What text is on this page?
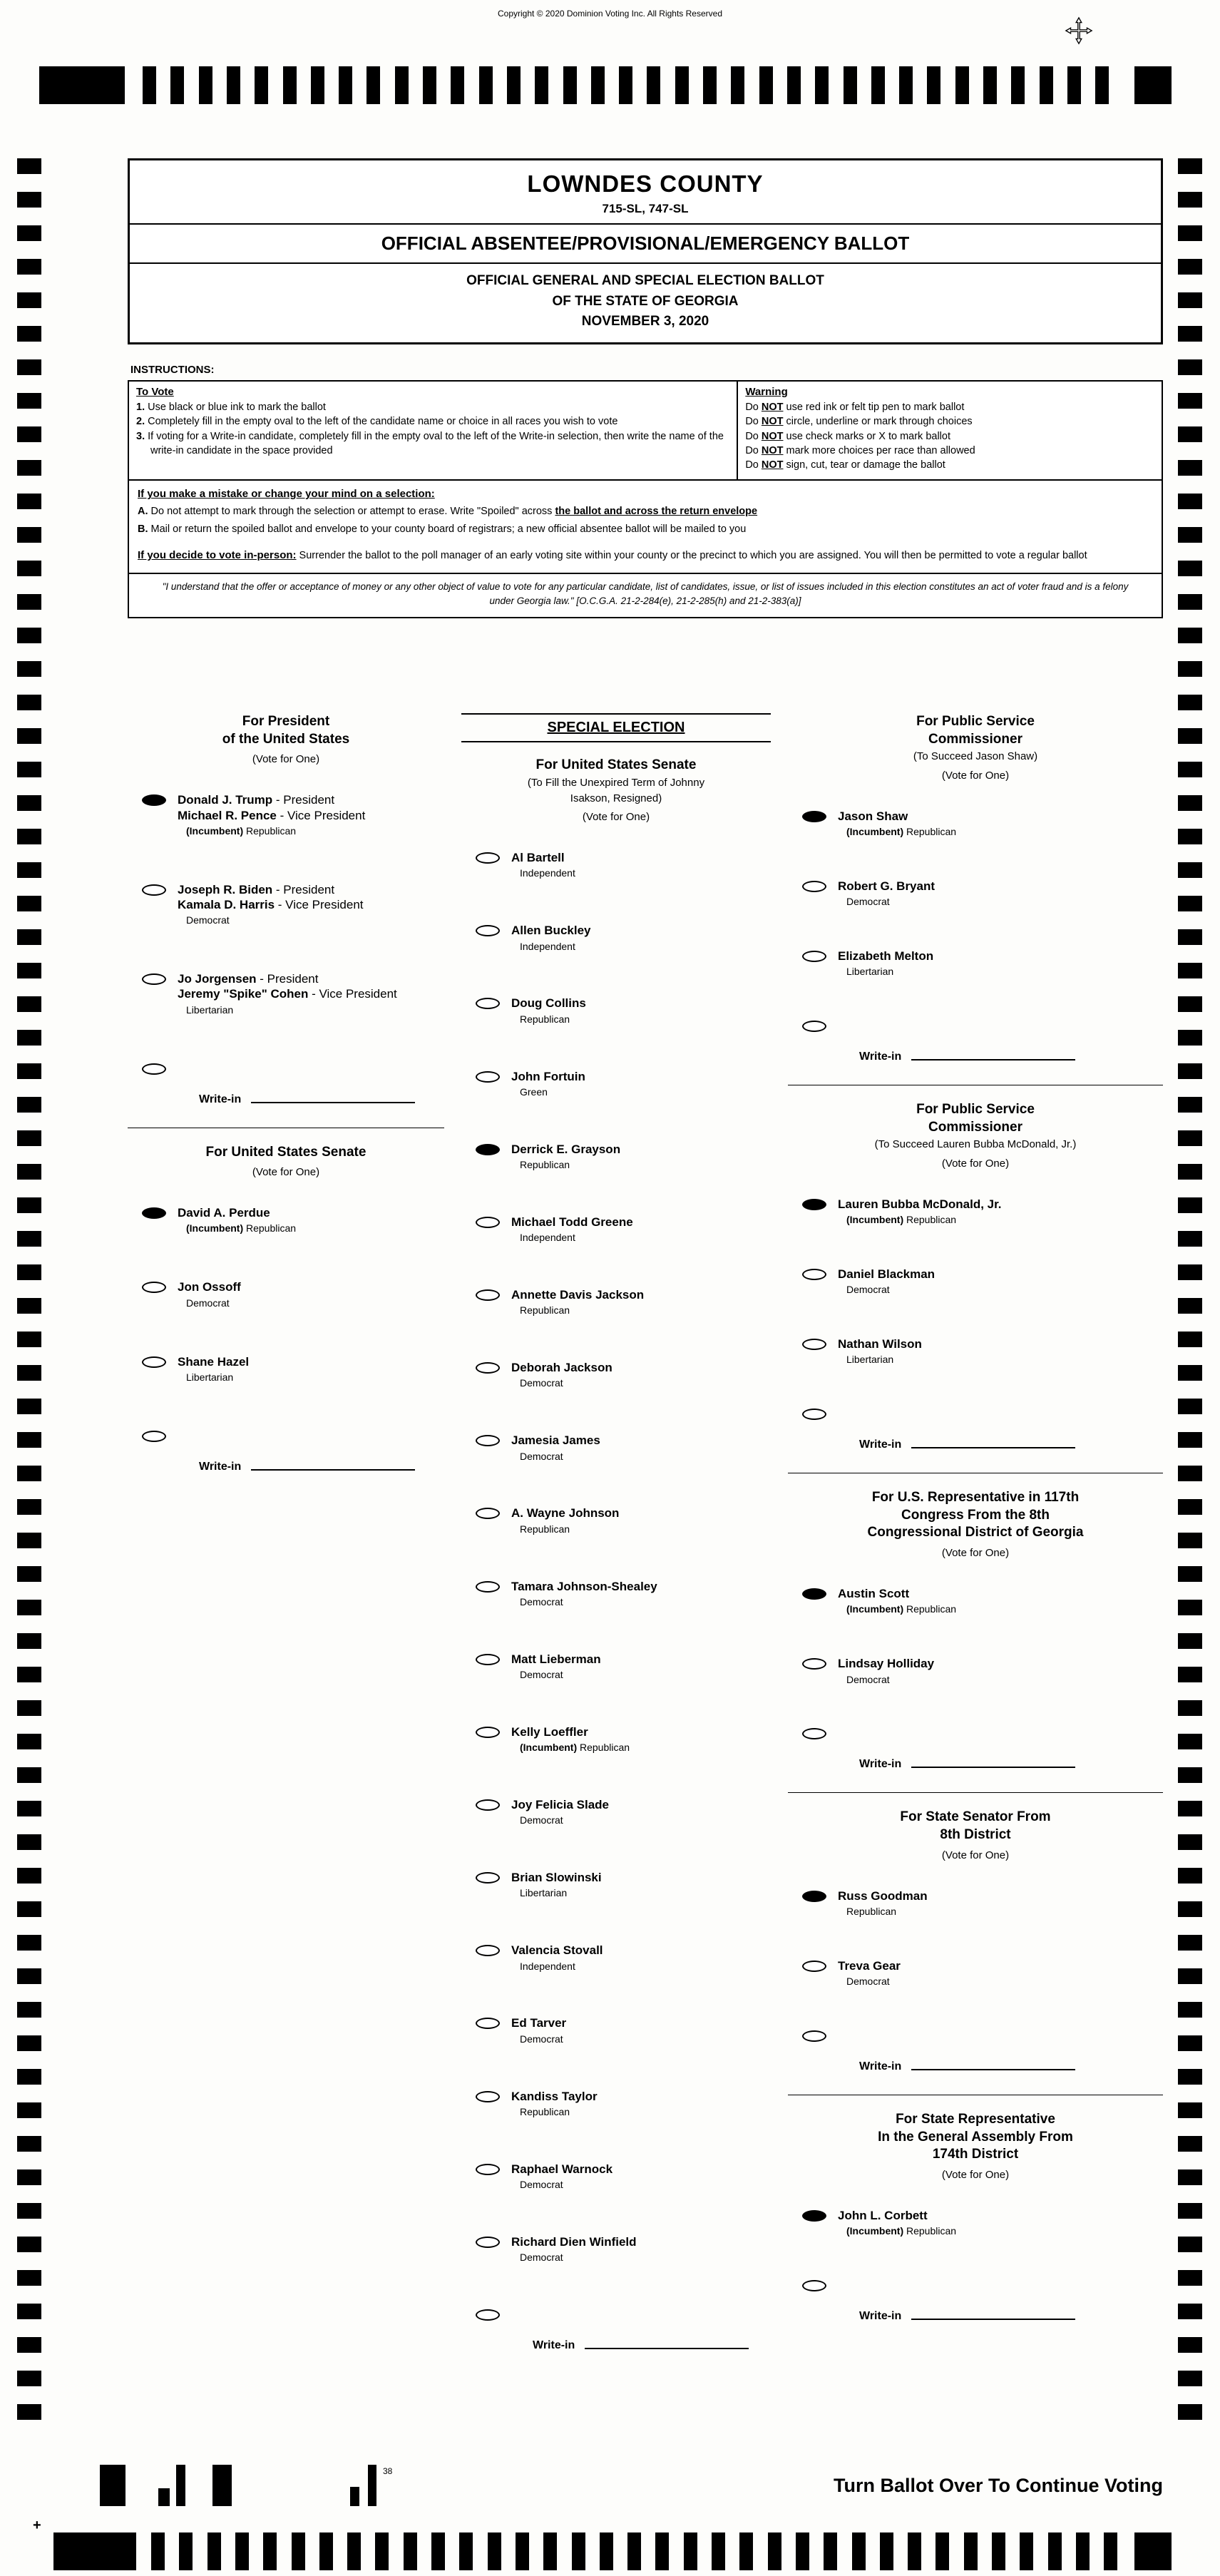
Copyright © 2020 Dominion Voting Inc. All Rights Reserved
LOWNDES COUNTY
715-SL, 747-SL
OFFICIAL ABSENTEE/PROVISIONAL/EMERGENCY BALLOT
OFFICIAL GENERAL AND SPECIAL ELECTION BALLOT
OF THE STATE OF GEORGIA
NOVEMBER 3, 2020
INSTRUCTIONS:
To Vote
1. Use black or blue ink to mark the ballot
2. Completely fill in the empty oval to the left of the candidate name or choice in all races you wish to vote
3. If voting for a Write-in candidate, completely fill in the empty oval to the left of the Write-in selection, then write the name of the write-in candidate in the space provided
Warning
Do NOT use red ink or felt tip pen to mark ballot
Do NOT circle, underline or mark through choices
Do NOT use check marks or X to mark ballot
Do NOT mark more choices per race than allowed
Do NOT sign, cut, tear or damage the ballot
If you make a mistake or change your mind on a selection:
A. Do not attempt to mark through the selection or attempt to erase. Write "Spoiled" across the ballot and across the return envelope
B. Mail or return the spoiled ballot and envelope to your county board of registrars; a new official absentee ballot will be mailed to you
If you decide to vote in-person: Surrender the ballot to the poll manager of an early voting site within your county or the precinct to which you are assigned. You will then be permitted to vote a regular ballot
"I understand that the offer or acceptance of money or any other object of value to vote for any particular candidate, list of candidates, issue, or list of issues included in this election constitutes an act of voter fraud and is a felony under Georgia law." [O.C.G.A. 21-2-284(e), 21-2-285(h) and 21-2-383(a)]
For President
of the United States
(Vote for One)
Donald J. Trump - President
Michael R. Pence - Vice President
(Incumbent) Republican
Joseph R. Biden - President
Kamala D. Harris - Vice President
Democrat
Jo Jorgensen - President
Jeremy "Spike" Cohen - Vice President
Libertarian
Write-in
For United States Senate
(Vote for One)
David A. Perdue
(Incumbent) Republican
Jon Ossoff
Democrat
Shane Hazel
Libertarian
Write-in
SPECIAL ELECTION
For United States Senate
(To Fill the Unexpired Term of Johnny
Isakson, Resigned)
(Vote for One)
Al Bartell
Independent
Allen Buckley
Independent
Doug Collins
Republican
John Fortuin
Green
Derrick E. Grayson
Republican
Michael Todd Greene
Independent
Annette Davis Jackson
Republican
Deborah Jackson
Democrat
Jamesia James
Democrat
A. Wayne Johnson
Republican
Tamara Johnson-Shealey
Democrat
Matt Lieberman
Democrat
Kelly Loeffler
(Incumbent) Republican
Joy Felicia Slade
Democrat
Brian Slowinski
Libertarian
Valencia Stovall
Independent
Ed Tarver
Democrat
Kandiss Taylor
Republican
Raphael Warnock
Democrat
Richard Dien Winfield
Democrat
Write-in
For Public Service
Commissioner
(To Succeed Jason Shaw)
(Vote for One)
Jason Shaw
(Incumbent) Republican
Robert G. Bryant
Democrat
Elizabeth Melton
Libertarian
Write-in
For Public Service
Commissioner
(To Succeed Lauren Bubba McDonald, Jr.)
(Vote for One)
Lauren Bubba McDonald, Jr.
(Incumbent) Republican
Daniel Blackman
Democrat
Nathan Wilson
Libertarian
Write-in
For U.S. Representative in 117th
Congress From the 8th
Congressional District of Georgia
(Vote for One)
Austin Scott
(Incumbent) Republican
Lindsay Holliday
Democrat
Write-in
For State Senator From
8th District
(Vote for One)
Russ Goodman
Republican
Treva Gear
Democrat
Write-in
For State Representative
In the General Assembly From
174th District
(Vote for One)
John L. Corbett
(Incumbent) Republican
Write-in
38
+
Turn Ballot Over To Continue Voting
